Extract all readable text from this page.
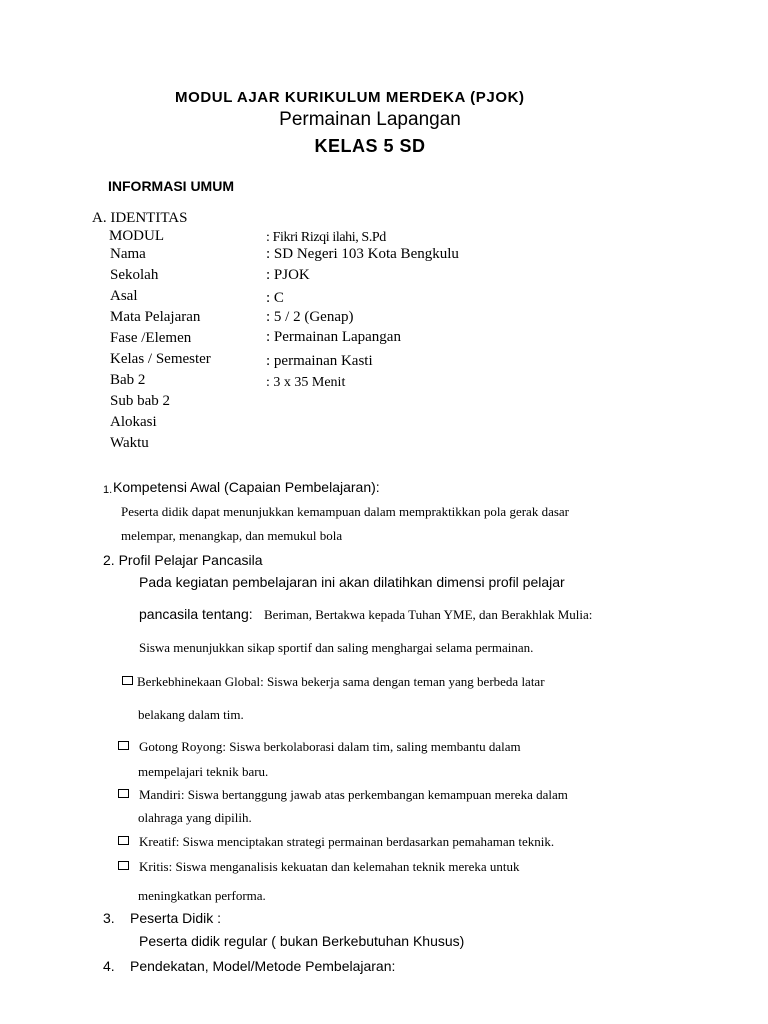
MODUL AJAR KURIKULUM MERDEKA (PJOK)
Permainan Lapangan
KELAS 5 SD
INFORMASI UMUM
A. IDENTITAS
MODUL
Nama
Sekolah
Asal
Mata Pelajaran
Fase /Elemen
Kelas / Semester
Bab 2
Sub bab 2
Alokasi
Waktu
: Fikri Rizqi ilahi, S.Pd
: SD Negeri 103 Kota Bengkulu
: PJOK
: C
: 5 / 2 (Genap)
: Permainan Lapangan
: permainan Kasti
: 3 x 35 Menit
1. Kompetensi Awal (Capaian Pembelajaran):
Peserta didik dapat menunjukkan kemampuan dalam mempraktikkan pola gerak dasar
melempar, menangkap, dan memukul bola
2. Profil Pelajar Pancasila
Pada kegiatan pembelajaran ini akan dilatihkan dimensi profil pelajar
pancasila tentang: Beriman, Bertakwa kepada Tuhan YME, dan Berakhlak Mulia:
Siswa menunjukkan sikap sportif dan saling menghargai selama permainan.
Berkebhinekaan Global: Siswa bekerja sama dengan teman yang berbeda latar
belakang dalam tim.
Gotong Royong: Siswa berkolaborasi dalam tim, saling membantu dalam
mempelajari teknik baru.
Mandiri: Siswa bertanggung jawab atas perkembangan kemampuan mereka dalam
olahraga yang dipilih.
Kreatif: Siswa menciptakan strategi permainan berdasarkan pemahaman teknik.
Kritis: Siswa menganalisis kekuatan dan kelemahan teknik mereka untuk
meningkatkan performa.
3. Peserta Didik :
Peserta didik regular ( bukan Berkebutuhan Khusus)
4. Pendekatan, Model/Metode Pembelajaran:
